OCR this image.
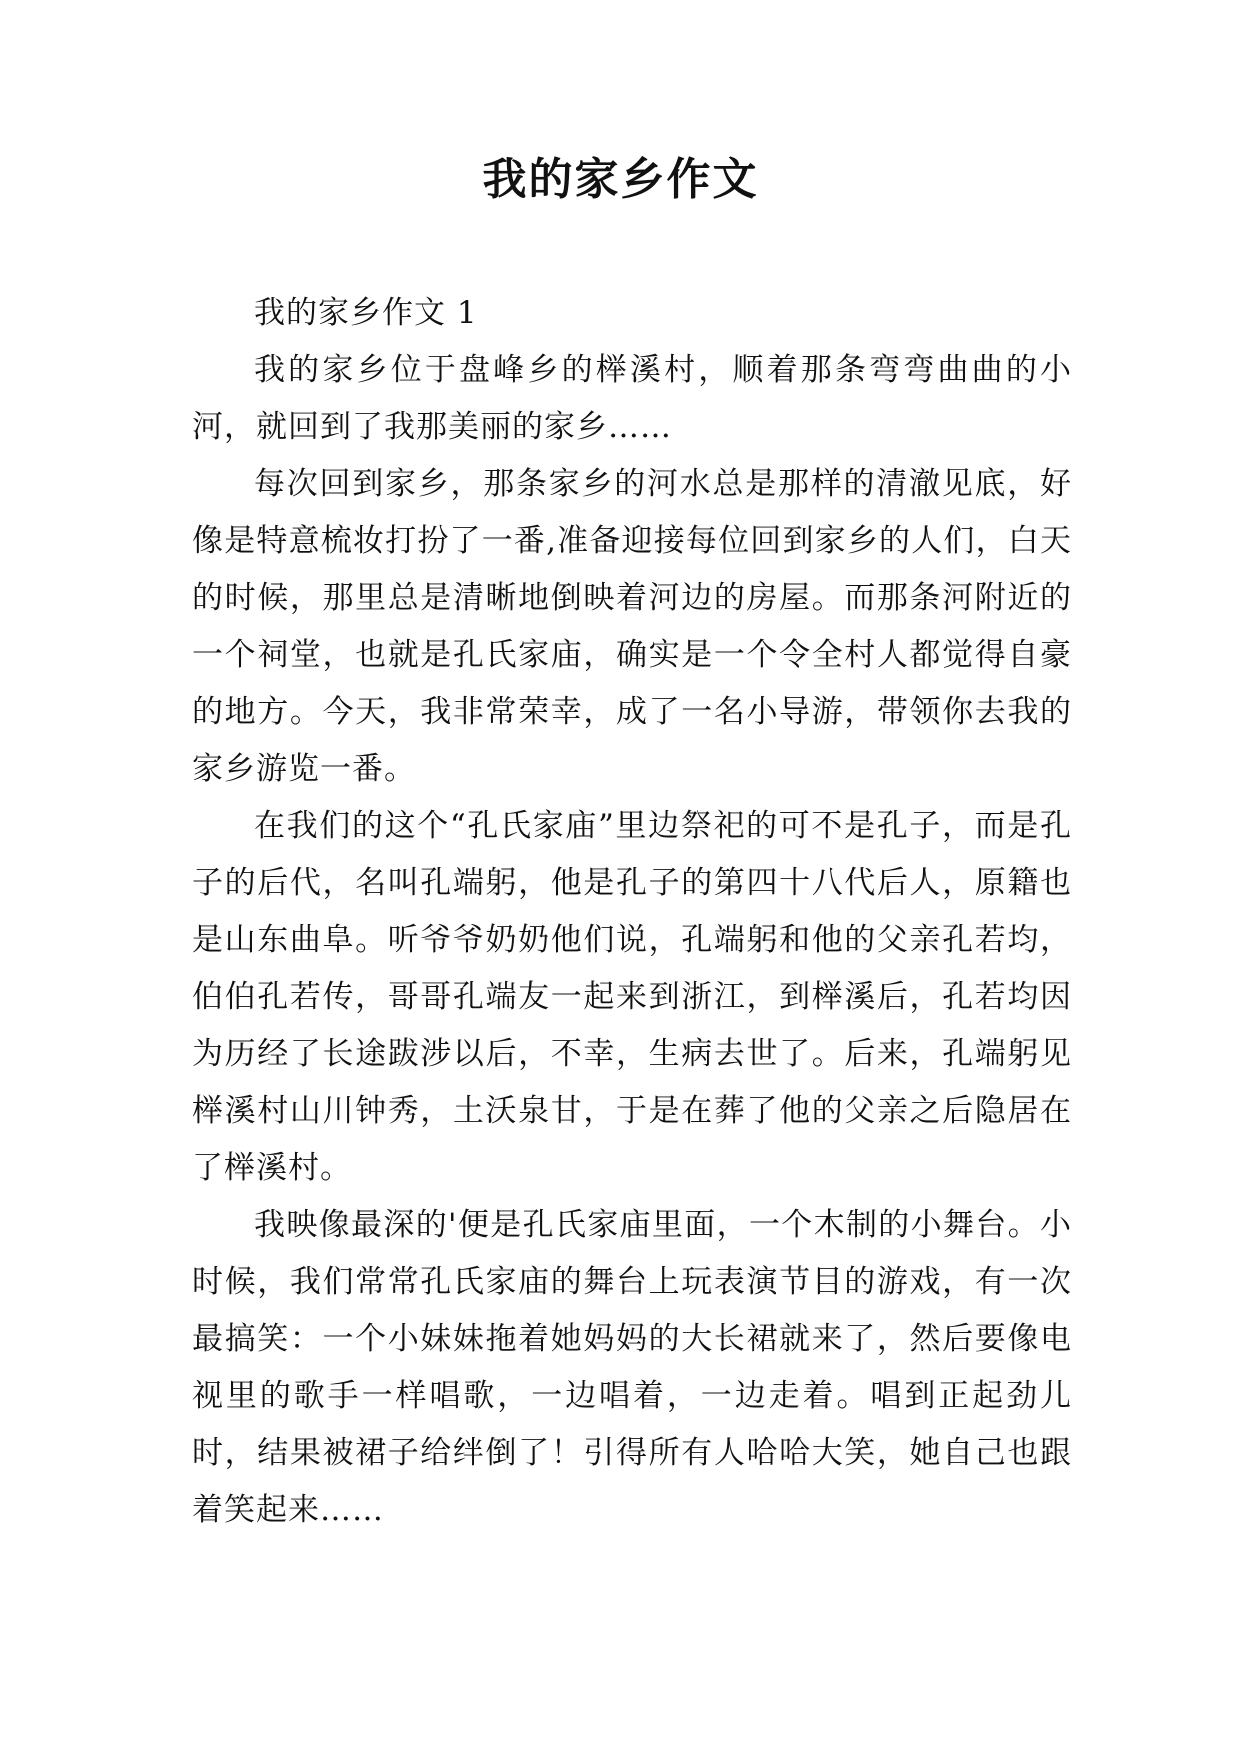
我的家乡作文

我的家乡作文 1

我的家乡位于盘峰乡的榉溪村，顺着那条弯弯曲曲的小河，就回到了我那美丽的家乡……

每次回到家乡，那条家乡的河水总是那样的清澈见底，好像是特意梳妆打扮了一番,准备迎接每位回到家乡的人们，白天的时候，那里总是清晰地倒映着河边的房屋。而那条河附近的一个祠堂，也就是孔氏家庙，确实是一个令全村人都觉得自豪的地方。今天，我非常荣幸，成了一名小导游，带领你去我的家乡游览一番。

在我们的这个“孔氏家庙”里边祭祀的可不是孔子，而是孔子的后代，名叫孔端躬，他是孔子的第四十八代后人，原籍也是山东曲阜。听爷爷奶奶他们说，孔端躬和他的父亲孔若均，伯伯孔若传，哥哥孔端友一起来到浙江，到榉溪后，孔若均因为历经了长途跋涉以后，不幸，生病去世了。后来，孔端躬见榉溪村山川钟秀，土沃泉甘，于是在葬了他的父亲之后隐居在了榉溪村。

我映像最深的'便是孔氏家庙里面，一个木制的小舞台。小时候，我们常常孔氏家庙的舞台上玩表演节目的游戏，有一次最搞笑：一个小妹妹拖着她妈妈的大长裙就来了，然后要像电视里的歌手一样唱歌，一边唱着，一边走着。唱到正起劲儿时，结果被裙子给绊倒了！引得所有人哈哈大笑，她自己也跟着笑起来……
